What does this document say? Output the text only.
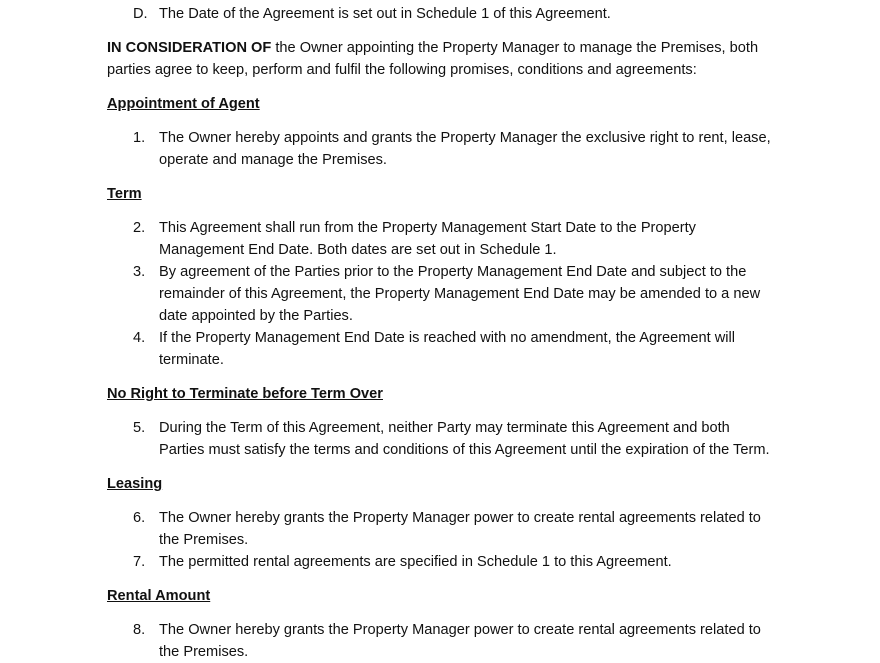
D. The Date of the Agreement is set out in Schedule 1 of this Agreement.
IN CONSIDERATION OF the Owner appointing the Property Manager to manage the Premises, both
parties agree to keep, perform and fulfil the following promises, conditions and agreements:
Appointment of Agent
1. The Owner hereby appoints and grants the Property Manager the exclusive right to rent, lease,
operate and manage the Premises.
Term
2. This Agreement shall run from the Property Management Start Date to the Property
Management End Date. Both dates are set out in Schedule 1.
3. By agreement of the Parties prior to the Property Management End Date and subject to the
remainder of this Agreement, the Property Management End Date may be amended to a new
date appointed by the Parties.
4. If the Property Management End Date is reached with no amendment, the Agreement will
terminate.
No Right to Terminate before Term Over
5. During the Term of this Agreement, neither Party may terminate this Agreement and both
Parties must satisfy the terms and conditions of this Agreement until the expiration of the Term.
Leasing
6. The Owner hereby grants the Property Manager power to create rental agreements related to
the Premises.
7. The permitted rental agreements are specified in Schedule 1 to this Agreement.
Rental Amount
8. The Owner hereby grants the Property Manager power to create rental agreements related to
the Premises.
